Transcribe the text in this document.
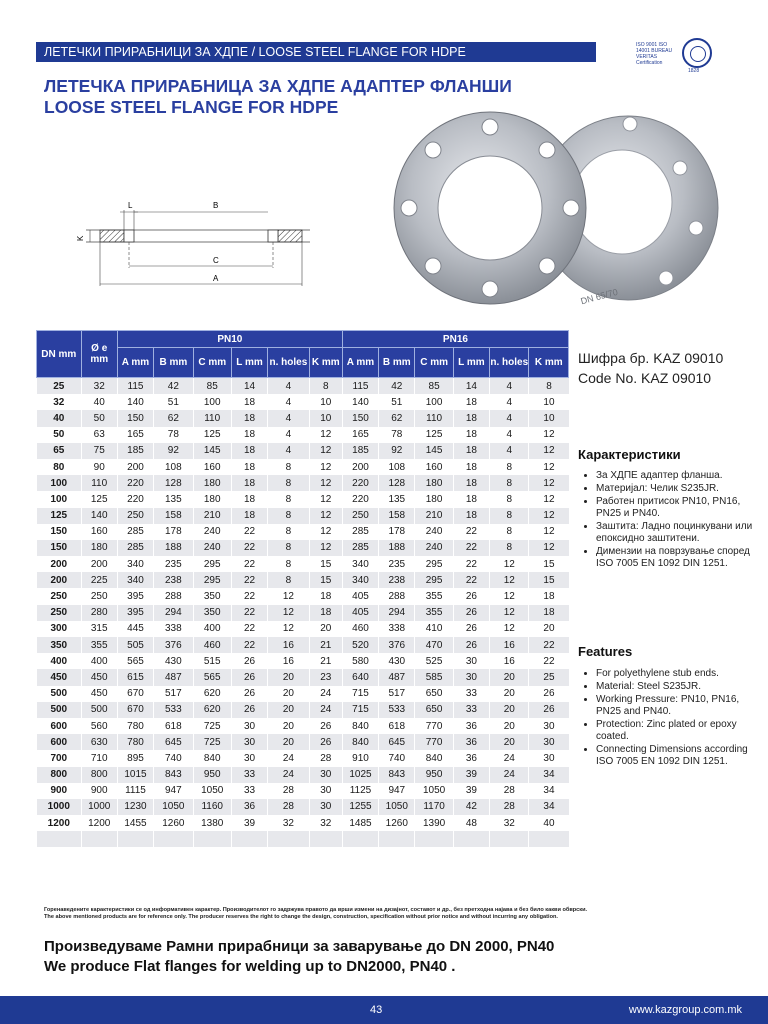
ЛЕТЕЧКИ ПРИРАБНИЦИ ЗА ХДПЕ / LOOSE STEEL FLANGE FOR HDPE	ISO 9001 ISO 14001 BUREAU VERITAS Certification
1828
ЛЕТЕЧКА ПРИРАБНИЦА ЗА ХДПЕ АДАПТЕР ФЛАНШИ
LOOSE STEEL FLANGE FOR HDPE
L	B
K
C
A
DN 65/70
DN mm	Ø e mm	PN10						PN16					
		A mm	B mm	C mm	L mm	n. holes	K mm	A mm	B mm	C mm	L mm	n. holes	K mm
25	32	115	42	85	14	4	8	115	42	85	14	4	8
32	40	140	51	100	18	4	10	140	51	100	18	4	10
40	50	150	62	110	18	4	10	150	62	110	18	4	10
50	63	165	78	125	18	4	12	165	78	125	18	4	12
65	75	185	92	145	18	4	12	185	92	145	18	4	12
80	90	200	108	160	18	8	12	200	108	160	18	8	12
100	110	220	128	180	18	8	12	220	128	180	18	8	12
100	125	220	135	180	18	8	12	220	135	180	18	8	12
125	140	250	158	210	18	8	12	250	158	210	18	8	12
150	160	285	178	240	22	8	12	285	178	240	22	8	12
150	180	285	188	240	22	8	12	285	188	240	22	8	12
200	200	340	235	295	22	8	15	340	235	295	22	12	15
200	225	340	238	295	22	8	15	340	238	295	22	12	15
250	250	395	288	350	22	12	18	405	288	355	26	12	18
250	280	395	294	350	22	12	18	405	294	355	26	12	18
300	315	445	338	400	22	12	20	460	338	410	26	12	20
350	355	505	376	460	22	16	21	520	376	470	26	16	22
400	400	565	430	515	26	16	21	580	430	525	30	16	22
450	450	615	487	565	26	20	23	640	487	585	30	20	25
500	450	670	517	620	26	20	24	715	517	650	33	20	26
500	500	670	533	620	26	20	24	715	533	650	33	20	26
600	560	780	618	725	30	20	26	840	618	770	36	20	30
600	630	780	645	725	30	20	26	840	645	770	36	20	30
700	710	895	740	840	30	24	28	910	740	840	36	24	30
800	800	1015	843	950	33	24	30	1025	843	950	39	24	34
900	900	1115	947	1050	33	28	30	1125	947	1050	39	28	34
1000	1000	1230	1050	1160	36	28	30	1255	1050	1170	42	28	34
1200	1200	1455	1260	1380	39	32	32	1485	1260	1390	48	32	40

Шифра бр. KAZ 09010
Code No. KAZ 09010
Карактеристики
• За ХДПЕ адаптер фланша.
• Материјал: Челик S235JR.
• Работен притисок PN10, PN16, PN25 и PN40.
• Заштита: Ладно поцинкувани или епоксидно заштитени.
• Димензии на поврзување според ISO 7005 EN 1092 DIN 1251.
Features
• For polyethylene stub ends.
• Material: Steel S235JR.
• Working Pressure: PN10, PN16, PN25 and PN40.
• Protection: Zinc plated or epoxy coated.
• Connecting Dimensions according ISO 7005 EN 1092 DIN 1251.
Горенаведените карактеристики се од информативен карактер. Производителот го задржува правото да врши измени на дизајнот, составот и др., без претходна најава и без било какви обврски.
The above mentioned products are for reference only. The producer reserves the right to change the design, construction, specification without prior notice and without incurring any obligation.
Произведуваме Рамни прирабници за заварување до DN 2000, PN40
We produce Flat flanges for welding up to DN2000, PN40 .
43	www.kazgroup.com.mk
